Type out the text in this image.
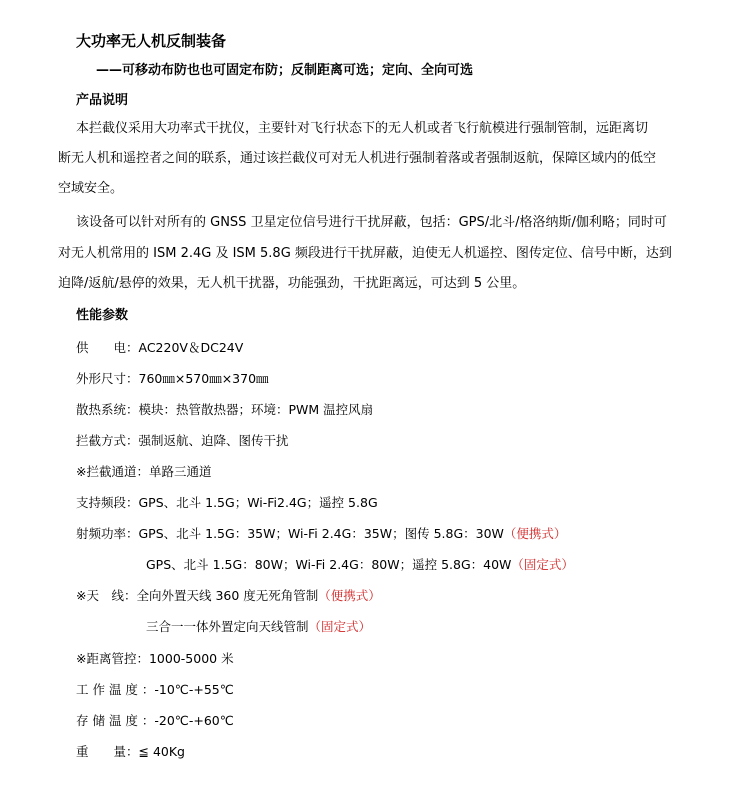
大功率无人机反制装备
——可移动布防也也可固定布防；反制距离可选；定向、全向可选
产品说明
本拦截仪采用大功率式干扰仪，主要针对飞行状态下的无人机或者飞行航模进行强制管制，远距离切
断无人机和遥控者之间的联系，通过该拦截仪可对无人机进行强制着落或者强制返航，保障区域内的低空
空域安全。
该设备可以针对所有的 GNSS 卫星定位信号进行干扰屏蔽，包括：GPS/北斗/格洛纳斯/伽利略；同时可
对无人机常用的 ISM 2.4G 及 ISM 5.8G 频段进行干扰屏蔽，迫使无人机遥控、图传定位、信号中断，达到
迫降/返航/悬停的效果，无人机干扰器，功能强劲，干扰距离远，可达到 5 公里。
性能参数
供　　电：AC220V＆DC24V
外形尺寸：760㎜×570㎜×370㎜
散热系统：模块：热管散热器；环境：PWM 温控风扇
拦截方式：强制返航、迫降、图传干扰
※拦截通道：单路三通道
支持频段：GPS、北斗 1.5G；Wi-Fi2.4G；遥控 5.8G
射频功率：GPS、北斗 1.5G：35W；Wi-Fi 2.4G：35W；图传 5.8G：30W（便携式）
GPS、北斗 1.5G：80W；Wi-Fi 2.4G：80W；遥控 5.8G：40W（固定式）
※天　线：全向外置天线 360 度无死角管制（便携式）
三合一一体外置定向天线管制（固定式）
※距离管控：1000-5000 米
工 作 温 度 ：-10℃-+55℃
存 储 温 度 ：-20℃-+60℃
重　　量：≦ 40Kg
